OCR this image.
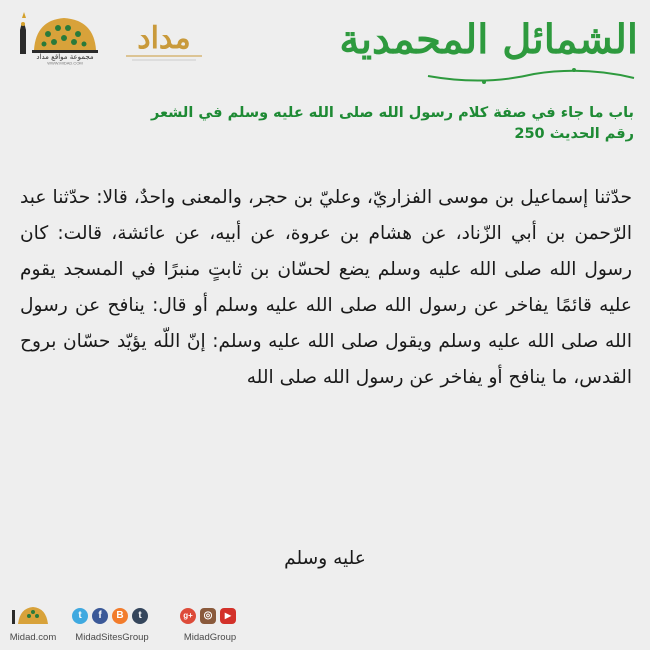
مجموعة مواقع مداد
WWW.MIDAD.COM
مداد	الشمائل المحمدية
باب ما جاء في صفة كلام رسول الله صلى الله عليه وسلم في الشعر
رقم الحديث 250
حدّثنا إسماعيل بن موسى الفزاريّ، وعليّ بن حجر، والمعنى واحدٌ، قالا: حدّثنا عبد الرّحمن بن أبي الزّناد، عن هشام بن عروة، عن أبيه، عن عائشة، قالت: كان رسول الله صلى الله عليه وسلم يضع لحسّان بن ثابتٍ منبرًا في المسجد يقوم عليه قائمًا يفاخر عن رسول الله صلى الله عليه وسلم أو قال: ينافح عن رسول الله صلى الله عليه وسلم ويقول صلى الله عليه وسلم: إنّ اللّه يؤيّد حسّان بروح القدس، ما ينافح أو يفاخر عن رسول الله صلى الله
عليه وسلم
Midad.com
t	f	B	t
MidadSitesGroup
g+	◎	▶
MidadGroup
